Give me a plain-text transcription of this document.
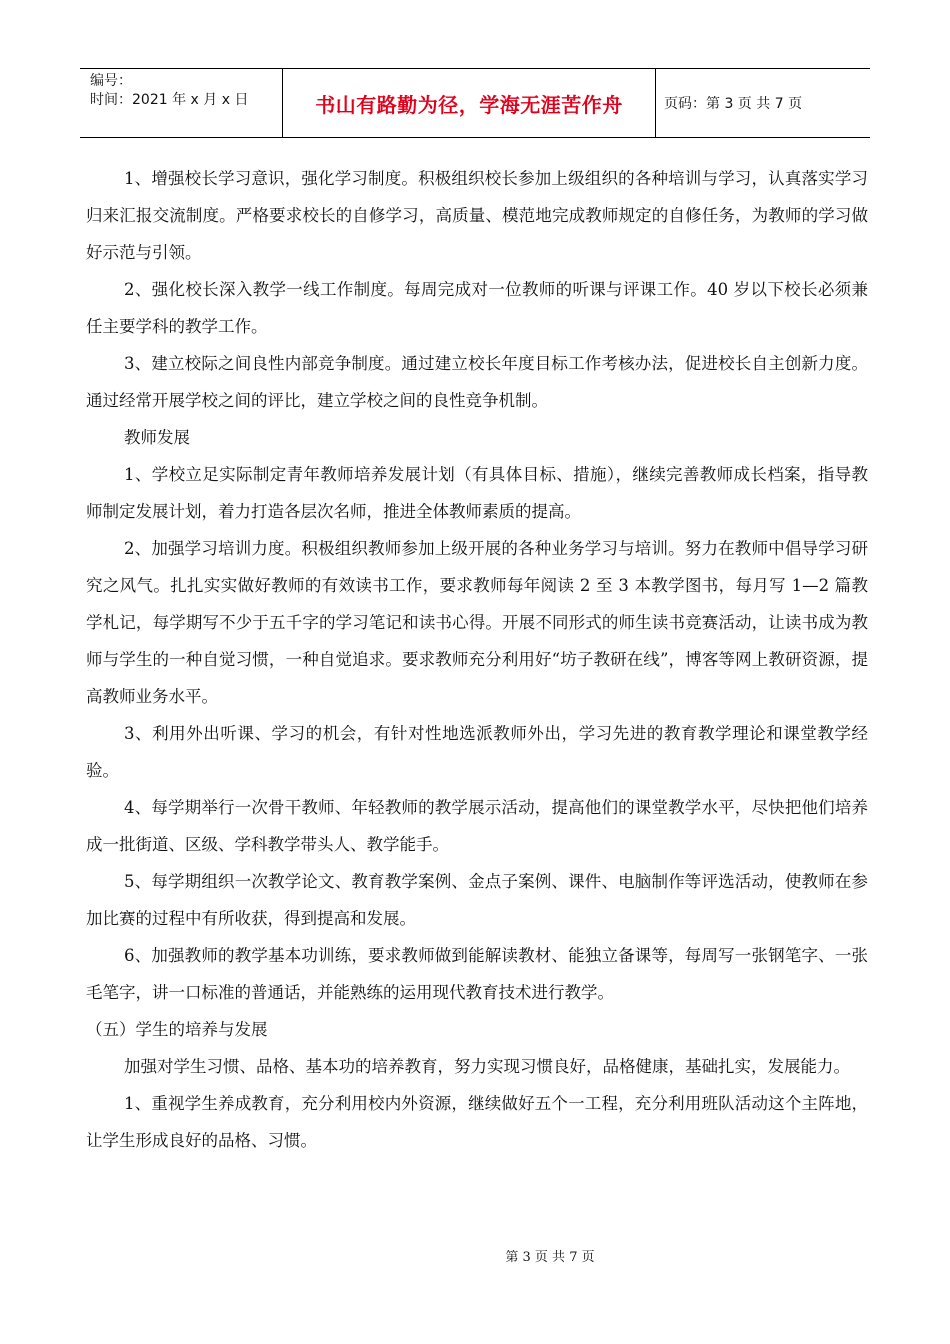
编号：
时间：2021 年 x 月 x 日	书山有路勤为径，学海无涯苦作舟	页码：第 3 页 共 7 页

1、增强校长学习意识，强化学习制度。积极组织校长参加上级组织的各种培训与学习，认真落实学习归来汇报交流制度。严格要求校长的自修学习，高质量、模范地完成教师规定的自修任务，为教师的学习做好示范与引领。

2、强化校长深入教学一线工作制度。每周完成对一位教师的听课与评课工作。40 岁以下校长必须兼任主要学科的教学工作。

3、建立校际之间良性内部竞争制度。通过建立校长年度目标工作考核办法，促进校长自主创新力度。通过经常开展学校之间的评比，建立学校之间的良性竞争机制。

教师发展

1、学校立足实际制定青年教师培养发展计划（有具体目标、措施），继续完善教师成长档案，指导教师制定发展计划，着力打造各层次名师，推进全体教师素质的提高。

2、加强学习培训力度。积极组织教师参加上级开展的各种业务学习与培训。努力在教师中倡导学习研究之风气。扎扎实实做好教师的有效读书工作，要求教师每年阅读 2 至 3 本教学图书，每月写 1—2 篇教学札记，每学期写不少于五千字的学习笔记和读书心得。开展不同形式的师生读书竞赛活动，让读书成为教师与学生的一种自觉习惯，一种自觉追求。要求教师充分利用好“坊子教研在线”，博客等网上教研资源，提高教师业务水平。

3、利用外出听课、学习的机会，有针对性地选派教师外出，学习先进的教育教学理论和课堂教学经验。

4、每学期举行一次骨干教师、年轻教师的教学展示活动，提高他们的课堂教学水平，尽快把他们培养成一批街道、区级、学科教学带头人、教学能手。

5、每学期组织一次教学论文、教育教学案例、金点子案例、课件、电脑制作等评选活动，使教师在参加比赛的过程中有所收获，得到提高和发展。

6、加强教师的教学基本功训练，要求教师做到能解读教材、能独立备课等，每周写一张钢笔字、一张毛笔字，讲一口标准的普通话，并能熟练的运用现代教育技术进行教学。

（五）学生的培养与发展

加强对学生习惯、品格、基本功的培养教育，努力实现习惯良好，品格健康，基础扎实，发展能力。

1、重视学生养成教育，充分利用校内外资源，继续做好五个一工程，充分利用班队活动这个主阵地，让学生形成良好的品格、习惯。

第 3 页 共 7 页
